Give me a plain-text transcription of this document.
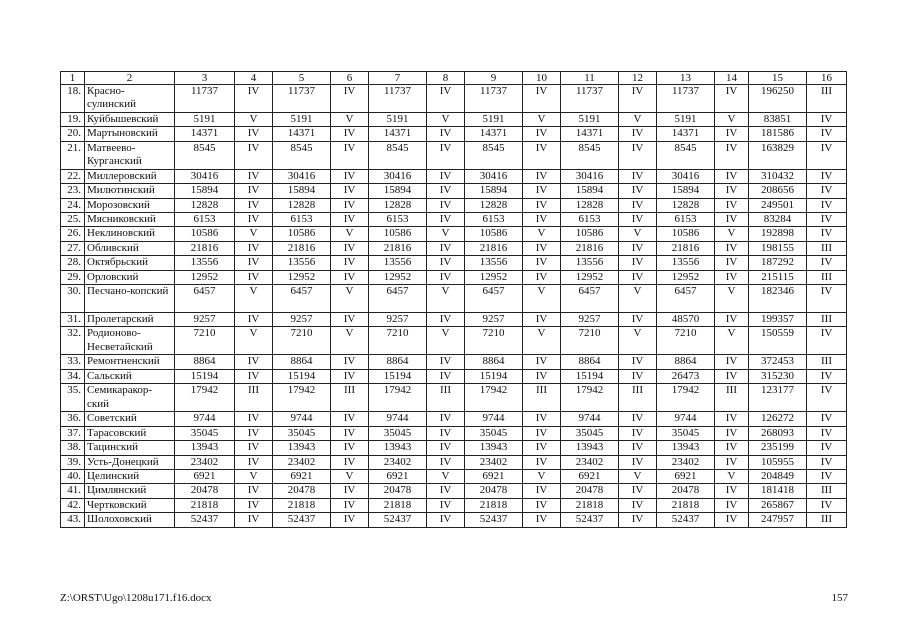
1	2	3	4	5	6	7	8	9	10	11	12	13	14	15	16
18.	Красно-сулинский	11737	IV	11737	IV	11737	IV	11737	IV	11737	IV	11737	IV	196250	III
19.	Куйбышевский	5191	V	5191	V	5191	V	5191	V	5191	V	5191	V	83851	IV
20.	Мартыновский	14371	IV	14371	IV	14371	IV	14371	IV	14371	IV	14371	IV	181586	IV
21.	Матвеево-Курганский	8545	IV	8545	IV	8545	IV	8545	IV	8545	IV	8545	IV	163829	IV
22.	Миллеровский	30416	IV	30416	IV	30416	IV	30416	IV	30416	IV	30416	IV	310432	IV
23.	Милютинский	15894	IV	15894	IV	15894	IV	15894	IV	15894	IV	15894	IV	208656	IV
24.	Морозовский	12828	IV	12828	IV	12828	IV	12828	IV	12828	IV	12828	IV	249501	IV
25.	Мясниковский	6153	IV	6153	IV	6153	IV	6153	IV	6153	IV	6153	IV	83284	IV
26.	Неклиновский	10586	V	10586	V	10586	V	10586	V	10586	V	10586	V	192898	IV
27.	Обливский	21816	IV	21816	IV	21816	IV	21816	IV	21816	IV	21816	IV	198155	III
28.	Октябрьский	13556	IV	13556	IV	13556	IV	13556	IV	13556	IV	13556	IV	187292	IV
29.	Орловский	12952	IV	12952	IV	12952	IV	12952	IV	12952	IV	12952	IV	215115	III
30.	Песчано-копский	6457	V	6457	V	6457	V	6457	V	6457	V	6457	V	182346	IV
31.	Пролетарский	9257	IV	9257	IV	9257	IV	9257	IV	9257	IV	48570	IV	199357	III
32.	Родионово-Несветайский	7210	V	7210	V	7210	V	7210	V	7210	V	7210	V	150559	IV
33.	Ремонтненский	8864	IV	8864	IV	8864	IV	8864	IV	8864	IV	8864	IV	372453	III
34.	Сальский	15194	IV	15194	IV	15194	IV	15194	IV	15194	IV	26473	IV	315230	IV
35.	Семикаракор-ский	17942	III	17942	III	17942	III	17942	III	17942	III	17942	III	123177	IV
36.	Советский	9744	IV	9744	IV	9744	IV	9744	IV	9744	IV	9744	IV	126272	IV
37.	Тарасовский	35045	IV	35045	IV	35045	IV	35045	IV	35045	IV	35045	IV	268093	IV
38.	Тацинский	13943	IV	13943	IV	13943	IV	13943	IV	13943	IV	13943	IV	235199	IV
39.	Усть-Донецкий	23402	IV	23402	IV	23402	IV	23402	IV	23402	IV	23402	IV	105955	IV
40.	Целинский	6921	V	6921	V	6921	V	6921	V	6921	V	6921	V	204849	IV
41.	Цимлянский	20478	IV	20478	IV	20478	IV	20478	IV	20478	IV	20478	IV	181418	III
42.	Чертковский	21818	IV	21818	IV	21818	IV	21818	IV	21818	IV	21818	IV	265867	IV
43.	Шолоховский	52437	IV	52437	IV	52437	IV	52437	IV	52437	IV	52437	IV	247957	III
Z:\ORST\Ugo\1208u171.f16.docx	157
